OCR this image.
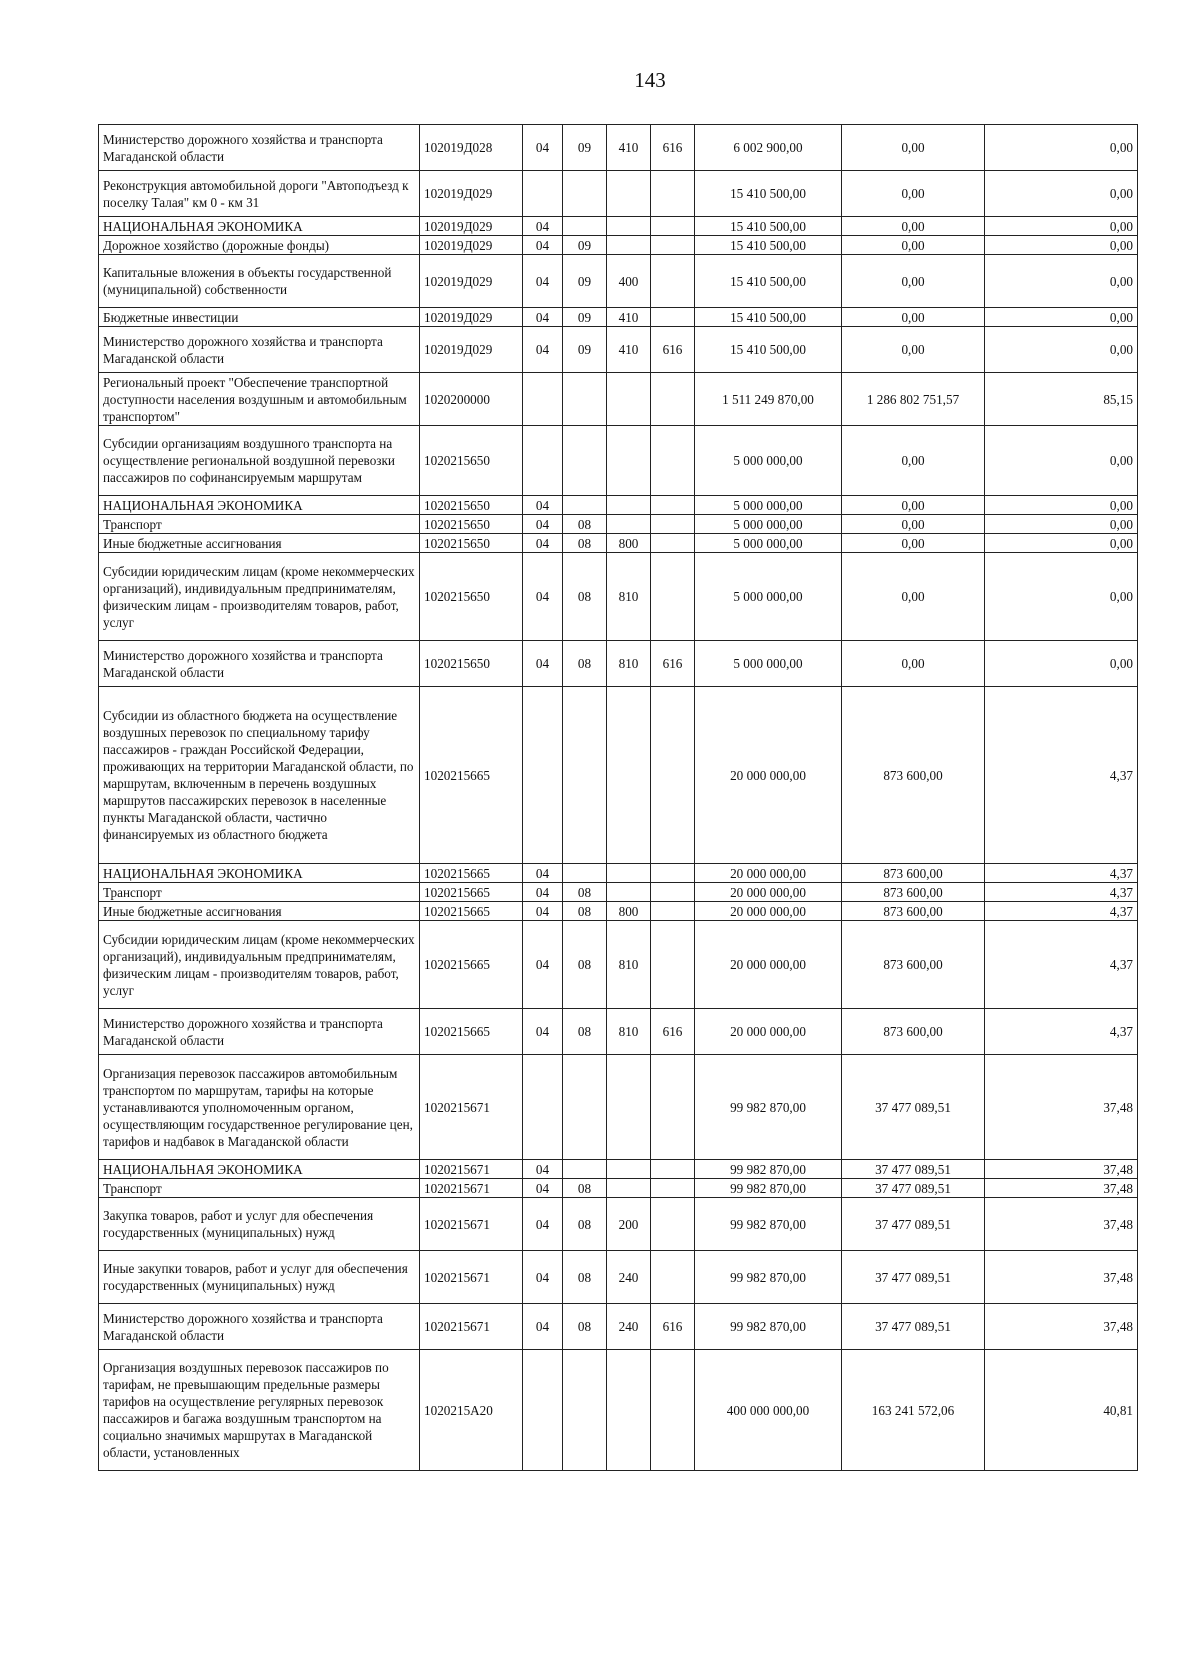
143
Министерство дорожного хозяйства и транспорта Магаданской области	102019Д028	04	09	410	616	6 002 900,00	0,00	0,00
Реконструкция автомобильной дороги "Автоподъезд к поселку Талая" км 0 - км 31	102019Д029					15 410 500,00	0,00	0,00
НАЦИОНАЛЬНАЯ ЭКОНОМИКА	102019Д029	04				15 410 500,00	0,00	0,00
Дорожное хозяйство (дорожные фонды)	102019Д029	04	09			15 410 500,00	0,00	0,00
Капитальные вложения в объекты государственной (муниципальной) собственности	102019Д029	04	09	400		15 410 500,00	0,00	0,00
Бюджетные инвестиции	102019Д029	04	09	410		15 410 500,00	0,00	0,00
Министерство дорожного хозяйства и транспорта Магаданской области	102019Д029	04	09	410	616	15 410 500,00	0,00	0,00
Региональный проект "Обеспечение транспортной доступности населения воздушным и автомобильным транспортом"	1020200000					1 511 249 870,00	1 286 802 751,57	85,15
Субсидии организациям воздушного транспорта на осуществление региональной воздушной перевозки пассажиров по софинансируемым маршрутам	1020215650					5 000 000,00	0,00	0,00
НАЦИОНАЛЬНАЯ ЭКОНОМИКА	1020215650	04				5 000 000,00	0,00	0,00
Транспорт	1020215650	04	08			5 000 000,00	0,00	0,00
Иные бюджетные ассигнования	1020215650	04	08	800		5 000 000,00	0,00	0,00
Субсидии юридическим лицам (кроме некоммерческих организаций), индивидуальным предпринимателям, физическим лицам - производителям товаров, работ, услуг	1020215650	04	08	810		5 000 000,00	0,00	0,00
Министерство дорожного хозяйства и транспорта Магаданской области	1020215650	04	08	810	616	5 000 000,00	0,00	0,00
Субсидии из областного бюджета на осуществление воздушных перевозок по специальному тарифу пассажиров - граждан Российской Федерации, проживающих на территории Магаданской области, по маршрутам, включенным в перечень воздушных маршрутов пассажирских перевозок в населенные пункты Магаданской области, частично финансируемых из областного бюджета	1020215665					20 000 000,00	873 600,00	4,37
НАЦИОНАЛЬНАЯ ЭКОНОМИКА	1020215665	04				20 000 000,00	873 600,00	4,37
Транспорт	1020215665	04	08			20 000 000,00	873 600,00	4,37
Иные бюджетные ассигнования	1020215665	04	08	800		20 000 000,00	873 600,00	4,37
Субсидии юридическим лицам (кроме некоммерческих организаций), индивидуальным предпринимателям, физическим лицам - производителям товаров, работ, услуг	1020215665	04	08	810		20 000 000,00	873 600,00	4,37
Министерство дорожного хозяйства и транспорта Магаданской области	1020215665	04	08	810	616	20 000 000,00	873 600,00	4,37
Организация перевозок пассажиров автомобильным транспортом по маршрутам, тарифы на которые устанавливаются уполномоченным органом, осуществляющим государственное регулирование цен, тарифов и надбавок в Магаданской области	1020215671					99 982 870,00	37 477 089,51	37,48
НАЦИОНАЛЬНАЯ ЭКОНОМИКА	1020215671	04				99 982 870,00	37 477 089,51	37,48
Транспорт	1020215671	04	08			99 982 870,00	37 477 089,51	37,48
Закупка товаров, работ и услуг для обеспечения государственных (муниципальных) нужд	1020215671	04	08	200		99 982 870,00	37 477 089,51	37,48
Иные закупки товаров, работ и услуг для обеспечения государственных (муниципальных) нужд	1020215671	04	08	240		99 982 870,00	37 477 089,51	37,48
Министерство дорожного хозяйства и транспорта Магаданской области	1020215671	04	08	240	616	99 982 870,00	37 477 089,51	37,48
Организация воздушных перевозок пассажиров по тарифам, не превышающим предельные размеры тарифов на осуществление регулярных перевозок пассажиров и багажа воздушным транспортом на социально значимых маршрутах в Магаданской области, установленных	1020215А20					400 000 000,00	163 241 572,06	40,81
